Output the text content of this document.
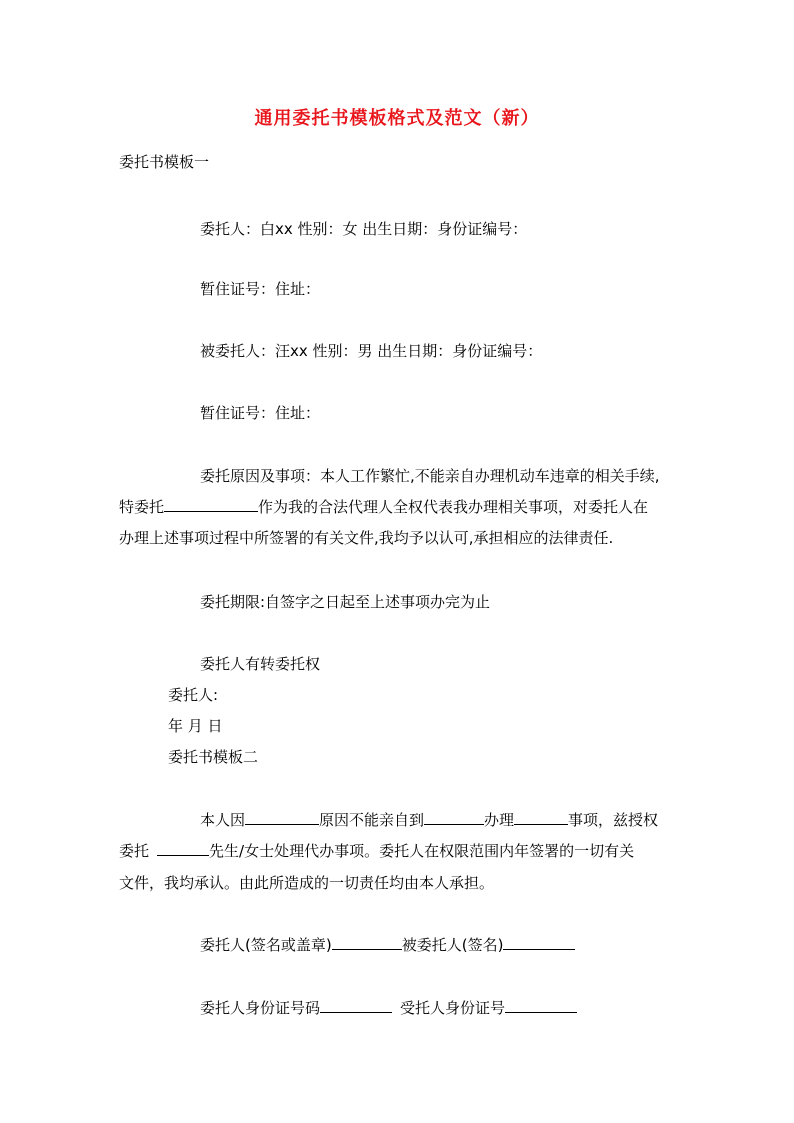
通用委托书模板格式及范文（新）
委托书模板一
委托人：白xx 性别：女 出生日期：身份证编号：
暂住证号：住址：
被委托人：汪xx 性别：男 出生日期：身份证编号：
暂住证号：住址：
委托原因及事项：本人工作繁忙,不能亲自办理机动车违章的相关手续,
特委托	作为我的合法代理人全权代表我办理相关事项，对委托人在
办理上述事项过程中所签署的有关文件,我均予以认可,承担相应的法律责任.
委托期限:自签字之日起至上述事项办完为止
委托人有转委托权
委托人:
年 月 日
委托书模板二
本人因	原因不能亲自到	办理	事项，兹授权
委托	先生/女士处理代办事项。委托人在权限范围内年签署的一切有关
文件，我均承认。由此所造成的一切责任均由本人承担。
委托人(签名或盖章)	被委托人(签名)
委托人身份证号码	受托人身份证号
